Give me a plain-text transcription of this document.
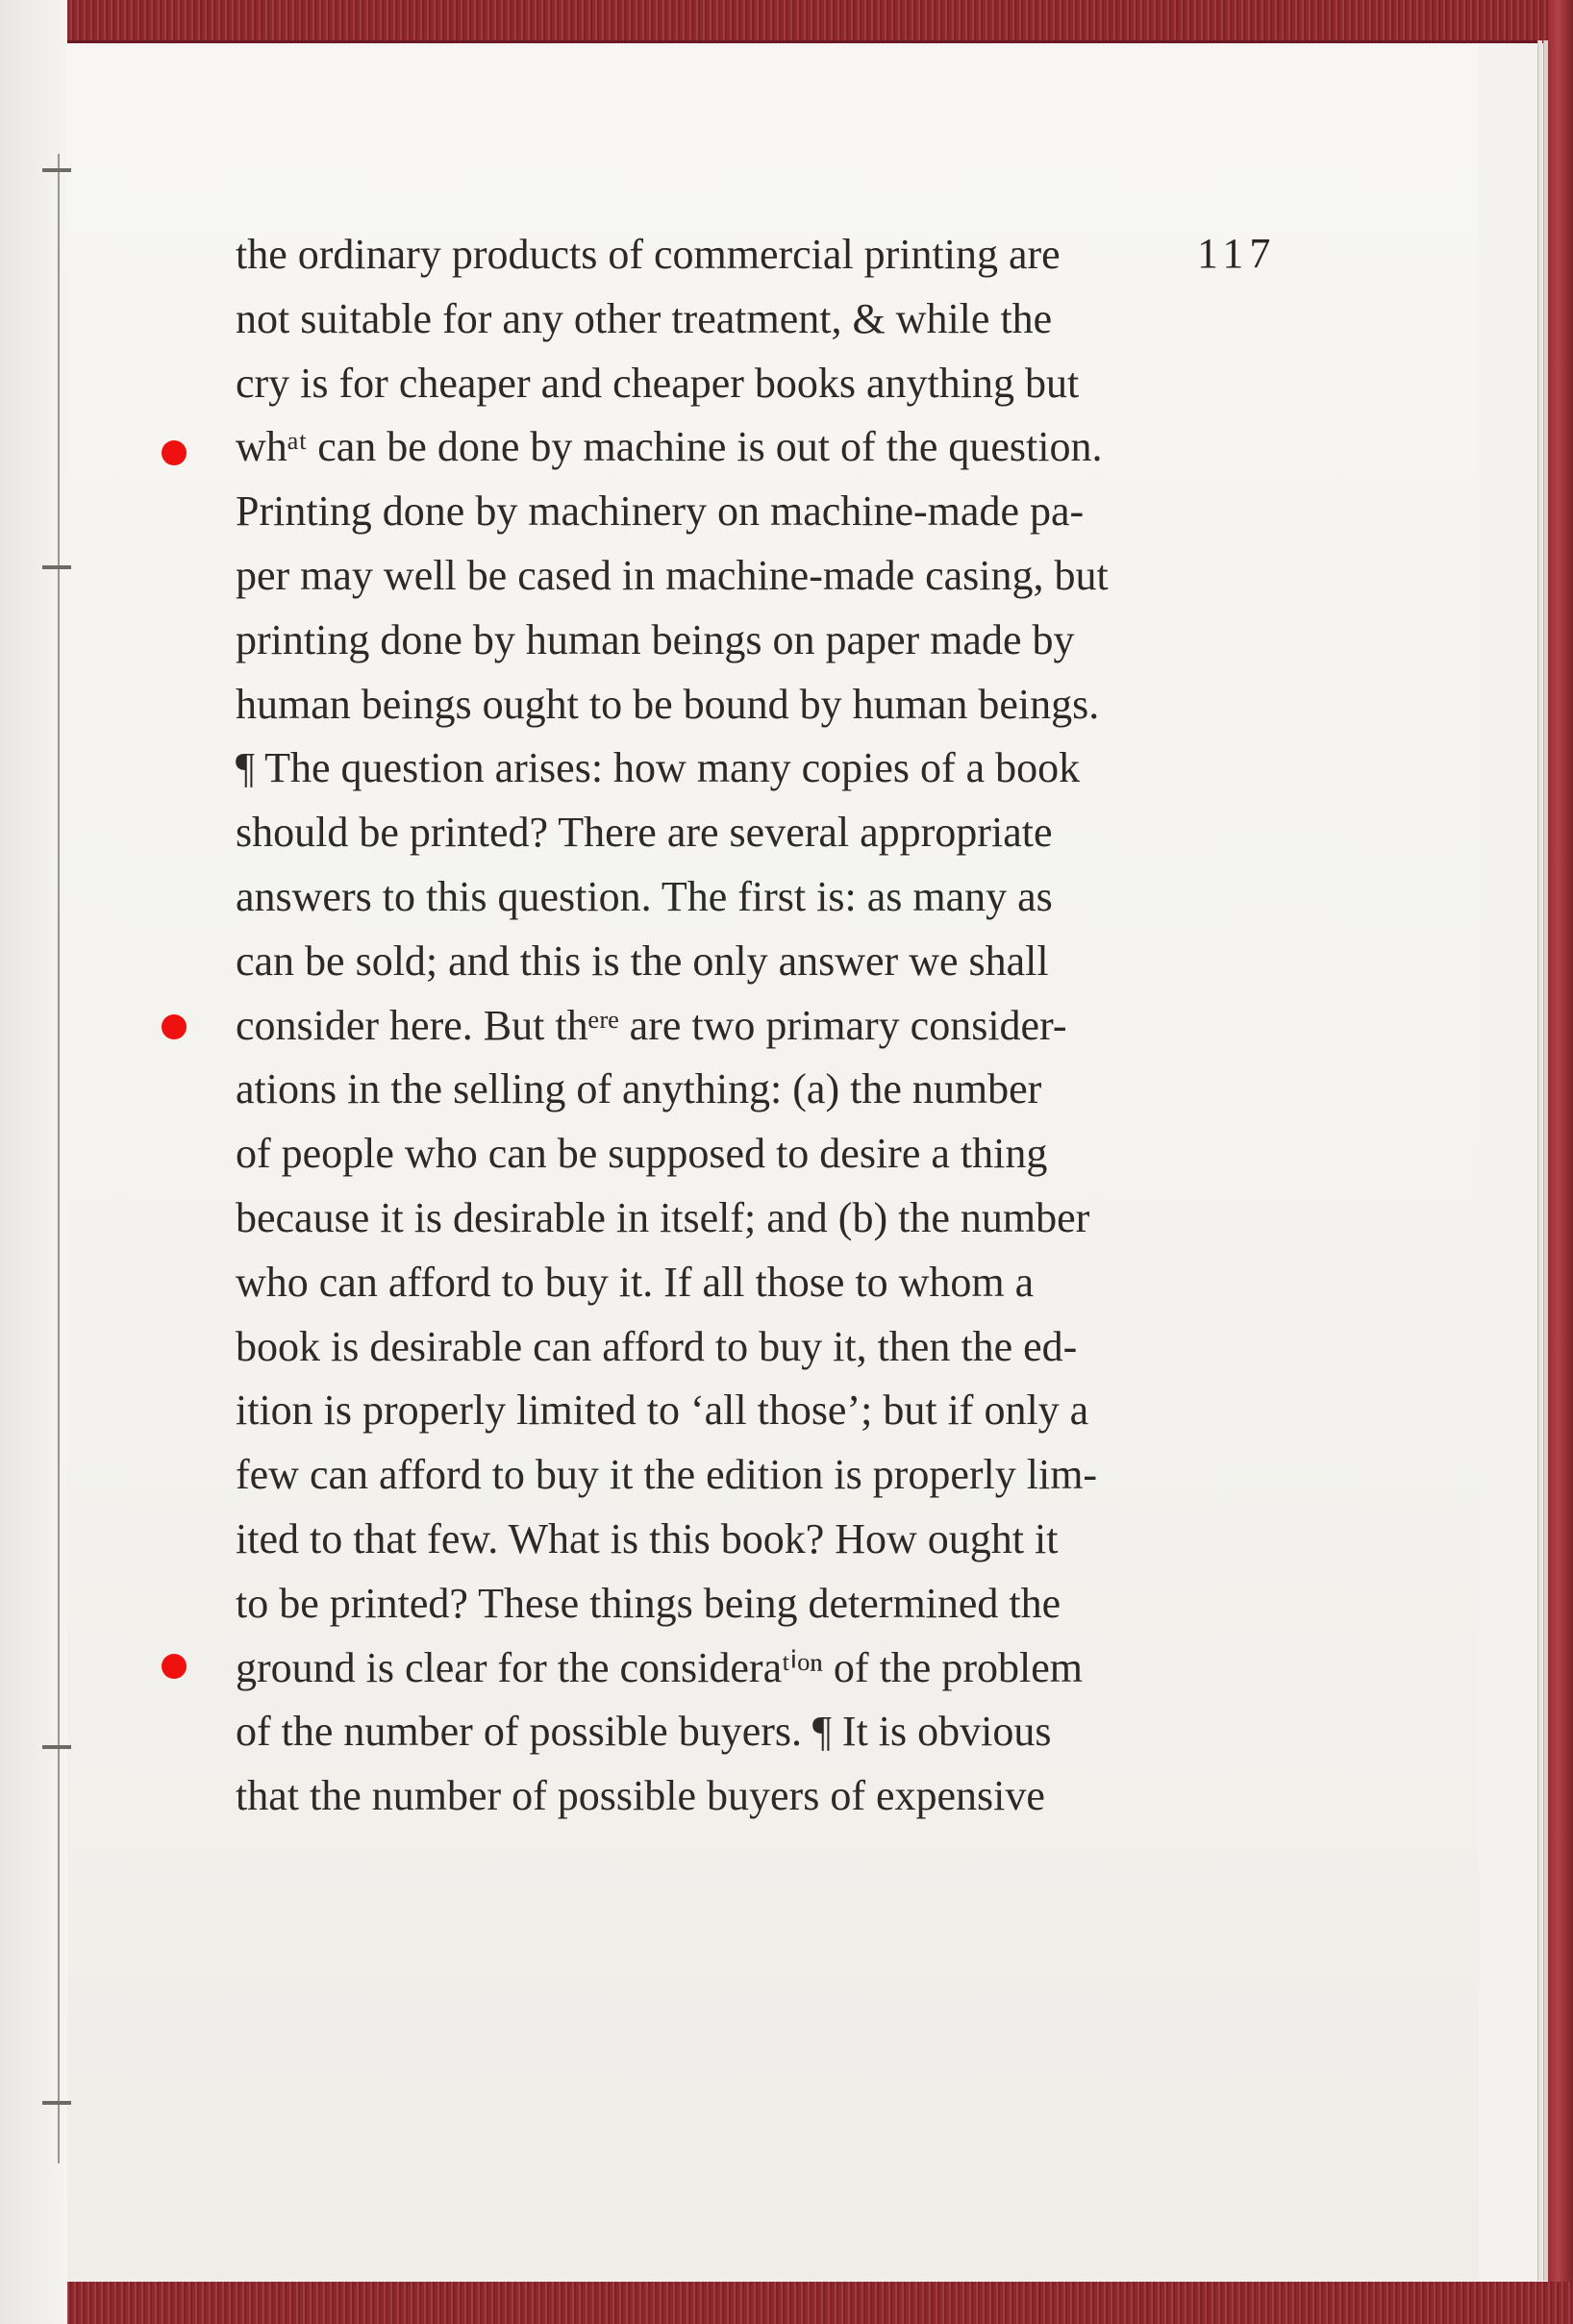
117
the ordinary products of commercial printing are
not suitable for any other treatment, & while the
cry is for cheaper and cheaper books anything but
whᵃᵗ can be done by machine is out of the question.
Printing done by machinery on machine-made pa-
per may well be cased in machine-made casing, but
printing done by human beings on paper made by
human beings ought to be bound by human beings.
¶ The question arises: how many copies of a book
should be printed? There are several appropriate
answers to this question. The first is: as many as
can be sold; and this is the only answer we shall
consider here. But thᵉʳᵉ are two primary consider-
ations in the selling of anything: (a) the number
of people who can be supposed to desire a thing
because it is desirable in itself; and (b) the number
who can afford to buy it. If all those to whom a
book is desirable can afford to buy it, then the ed-
ition is properly limited to ‘all those’; but if only a
few can afford to buy it the edition is properly lim-
ited to that few. What is this book? How ought it
to be printed? These things being determined the
ground is clear for the consideraᵗⁱᵒⁿ of the problem
of the number of possible buyers. ¶ It is obvious
that the number of possible buyers of expensive
